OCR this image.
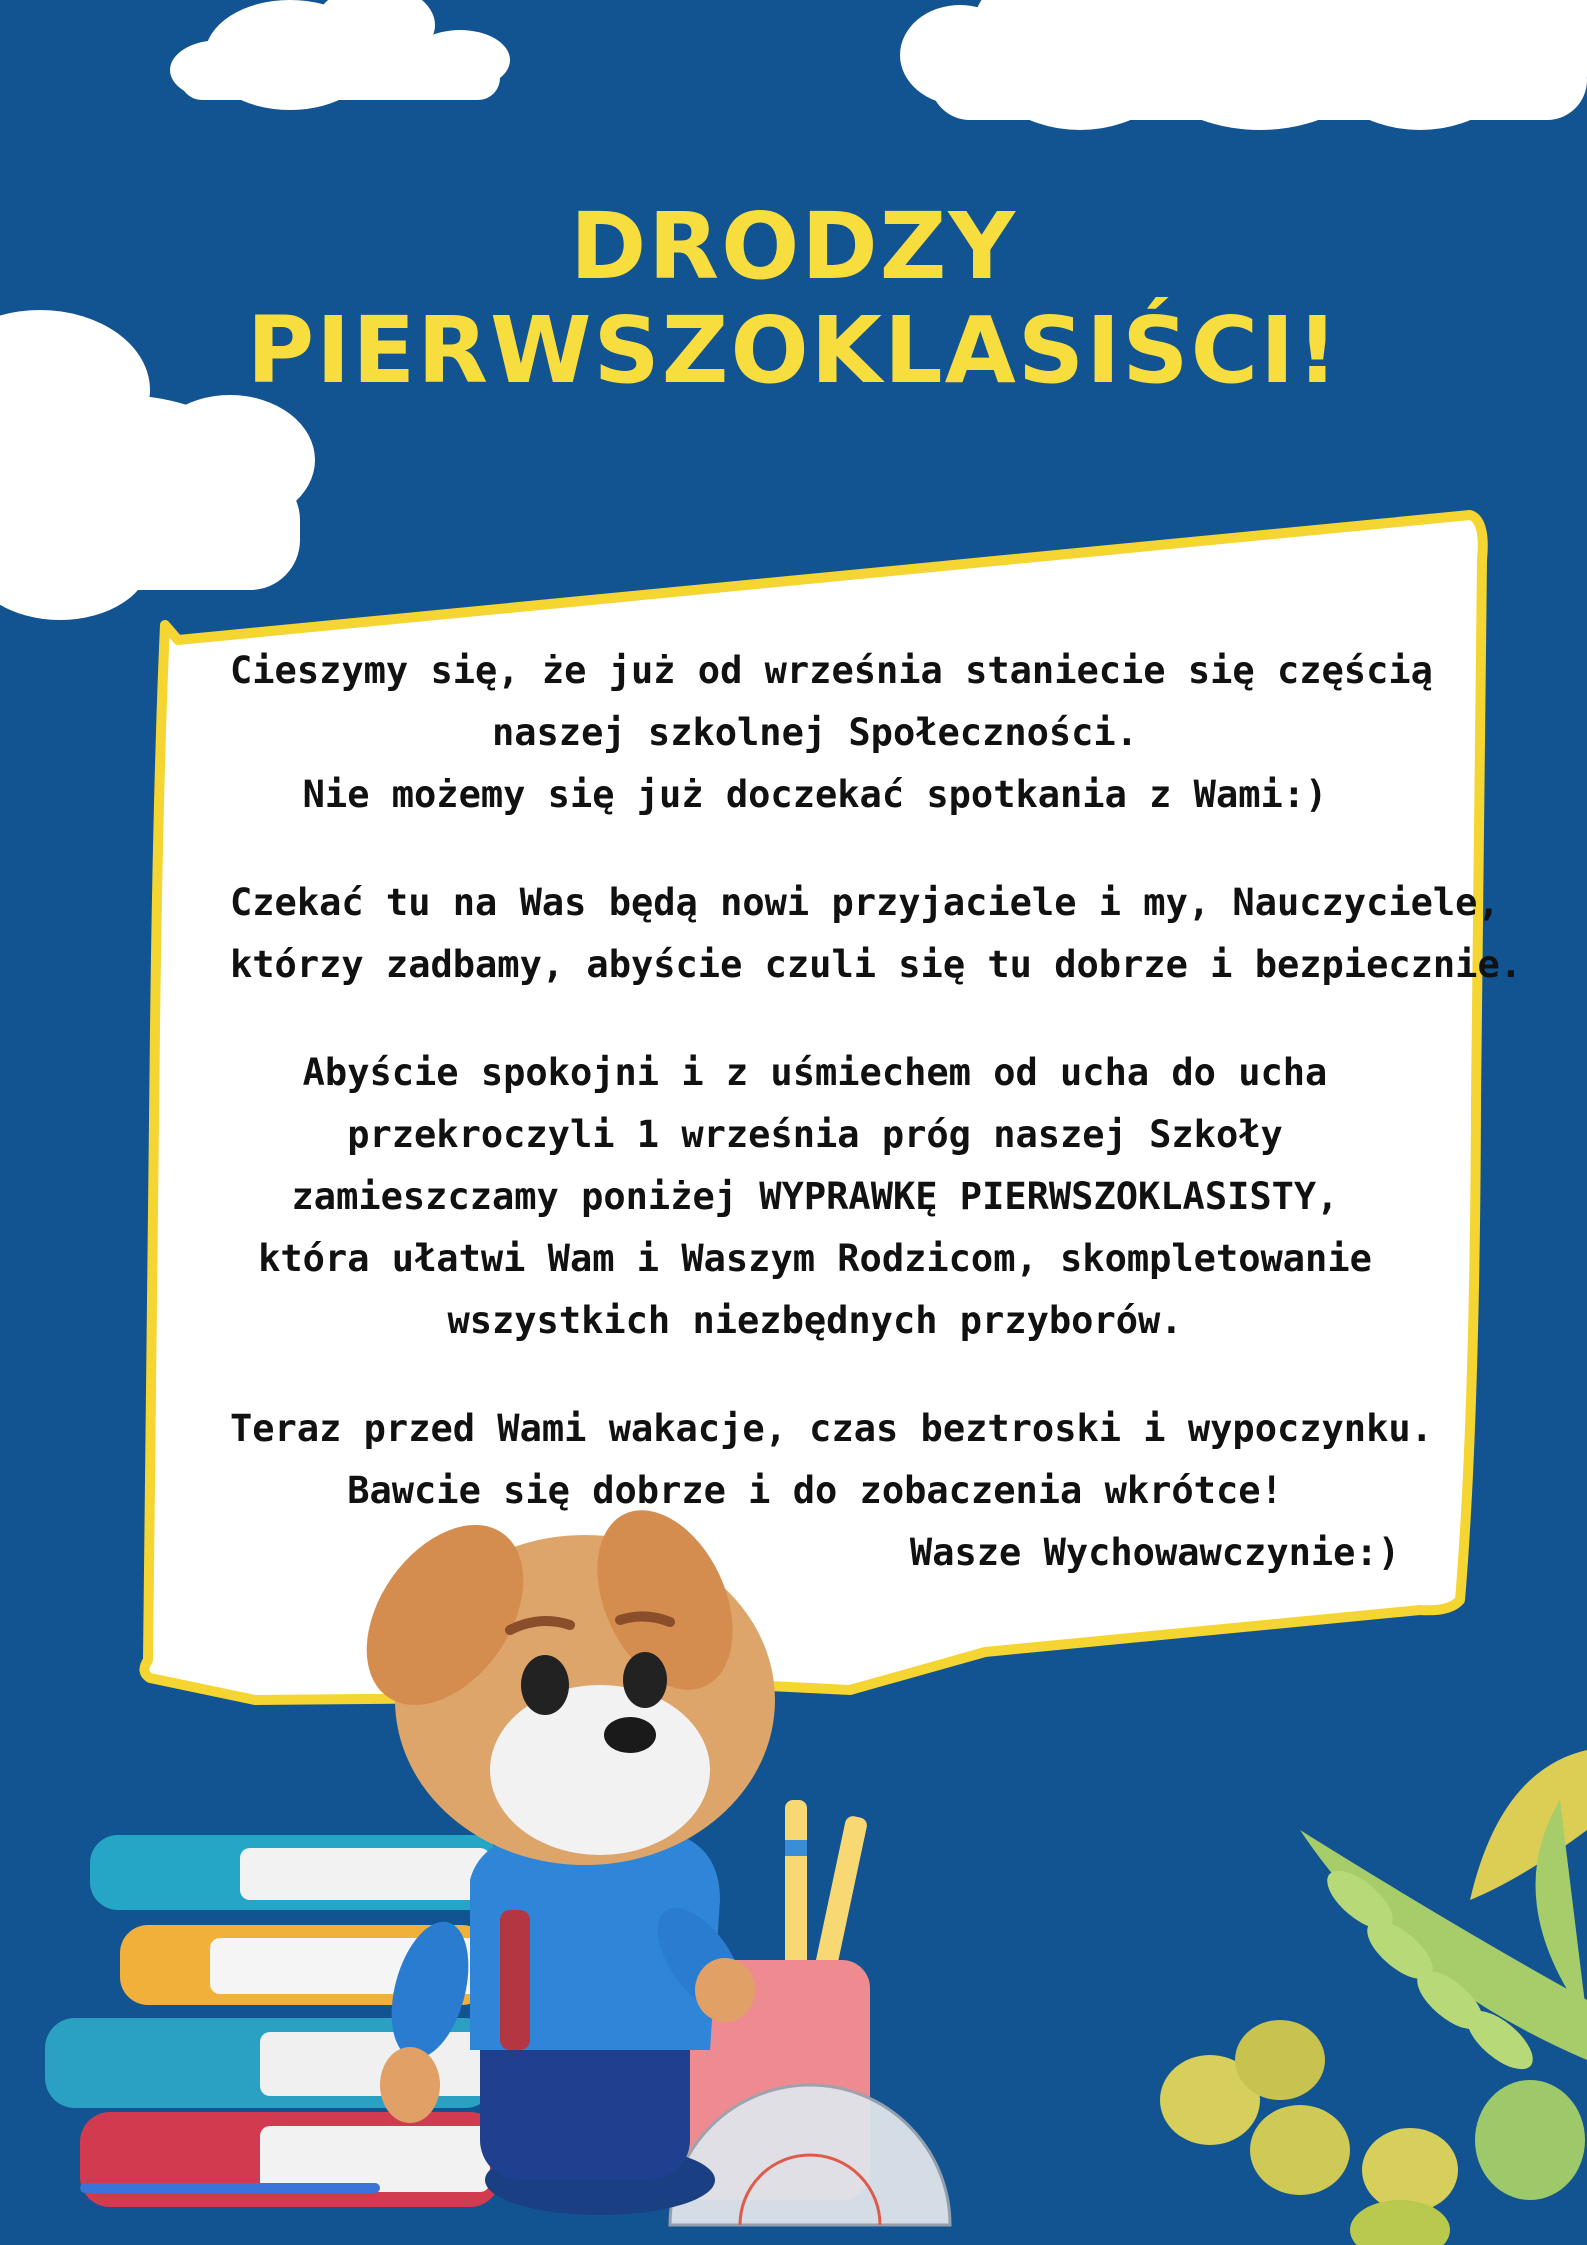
DRODZY
PIERWSZOKLASIŚCI!

Cieszymy się, że już od września staniecie się częścią
naszej szkolnej Społeczności.
Nie możemy się już doczekać spotkania z Wami:)

Czekać tu na Was będą nowi przyjaciele i my, Nauczyciele,
którzy zadbamy, abyście czuli się tu dobrze i bezpiecznie.

Abyście spokojni i z uśmiechem od ucha do ucha
przekroczyli 1 września próg naszej Szkoły
zamieszczamy poniżej WYPRAWKĘ PIERWSZOKLASISTY,
która ułatwi Wam i Waszym Rodzicom, skompletowanie
wszystkich niezbędnych przyborów.

Teraz przed Wami wakacje, czas beztroski i wypoczynku.
Bawcie się dobrze i do zobaczenia wkrótce!
Wasze Wychowawczynie:)
